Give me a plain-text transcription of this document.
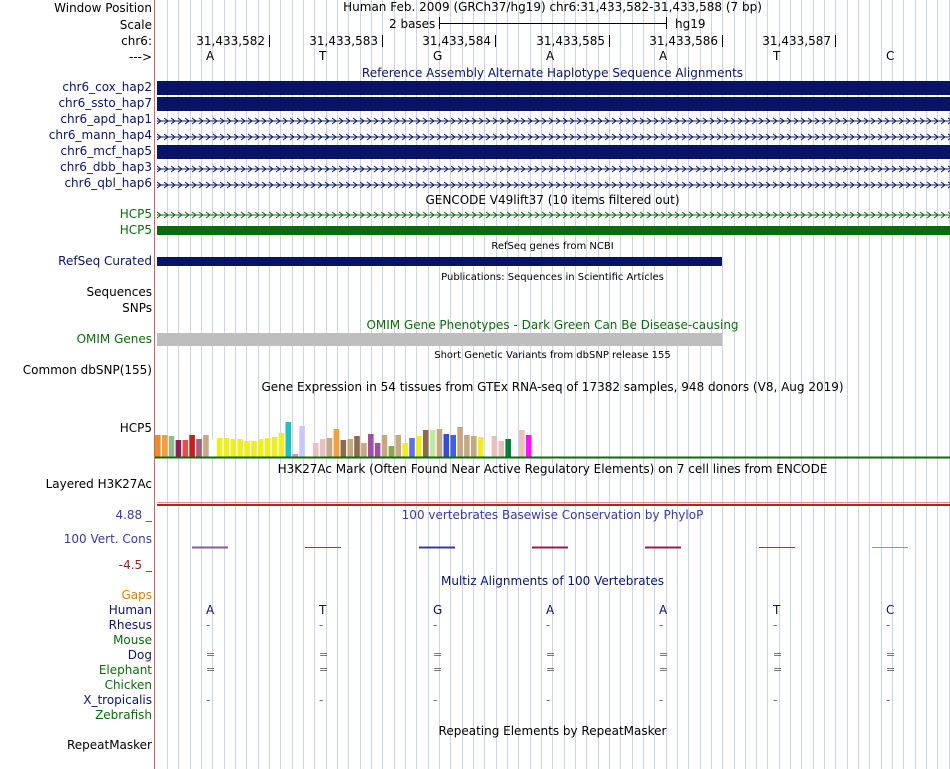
Window Position	Human Feb. 2009 (GRCh37/hg19) chr6:31,433,582-31,433,588 (7 bp)
Scale	2 bases	hg19
chr6:	31,433,582	31,433,583	31,433,584	31,433,585	31,433,586	31,433,587
--->	A	T	G	A	A	T	C
Reference Assembly Alternate Haplotype Sequence Alignments
chr6_cox_hap2
chr6_ssto_hap7
chr6_apd_hap1
chr6_mann_hap4
chr6_mcf_hap5
chr6_dbb_hap3
chr6_qbl_hap6
GENCODE V49lift37 (10 items filtered out)
HCP5
HCP5
RefSeq genes from NCBI
RefSeq Curated
Publications: Sequences in Scientific Articles
Sequences
SNPs
OMIM Gene Phenotypes - Dark Green Can Be Disease-causing
OMIM Genes
Short Genetic Variants from dbSNP release 155
Common dbSNP(155)
Gene Expression in 54 tissues from GTEx RNA-seq of 17382 samples, 948 donors (V8, Aug 2019)
HCP5
H3K27Ac Mark (Often Found Near Active Regulatory Elements) on 7 cell lines from ENCODE
Layered H3K27Ac
100 vertebrates Basewise Conservation by PhyloP
4.88 _
100 Vert. Cons
-4.5 _
Multiz Alignments of 100 Vertebrates
Gaps
Human	A	T	G	A	A	T	C
Rhesus	-	-	-	-	-	-	-
Mouse
Dog	=	=	=	=	=	=	=
Elephant	=	=	=	=	=	=	=
Chicken
X_tropicalis	-	-	-	-	-	-	-
Zebrafish
Repeating Elements by RepeatMasker
RepeatMasker
